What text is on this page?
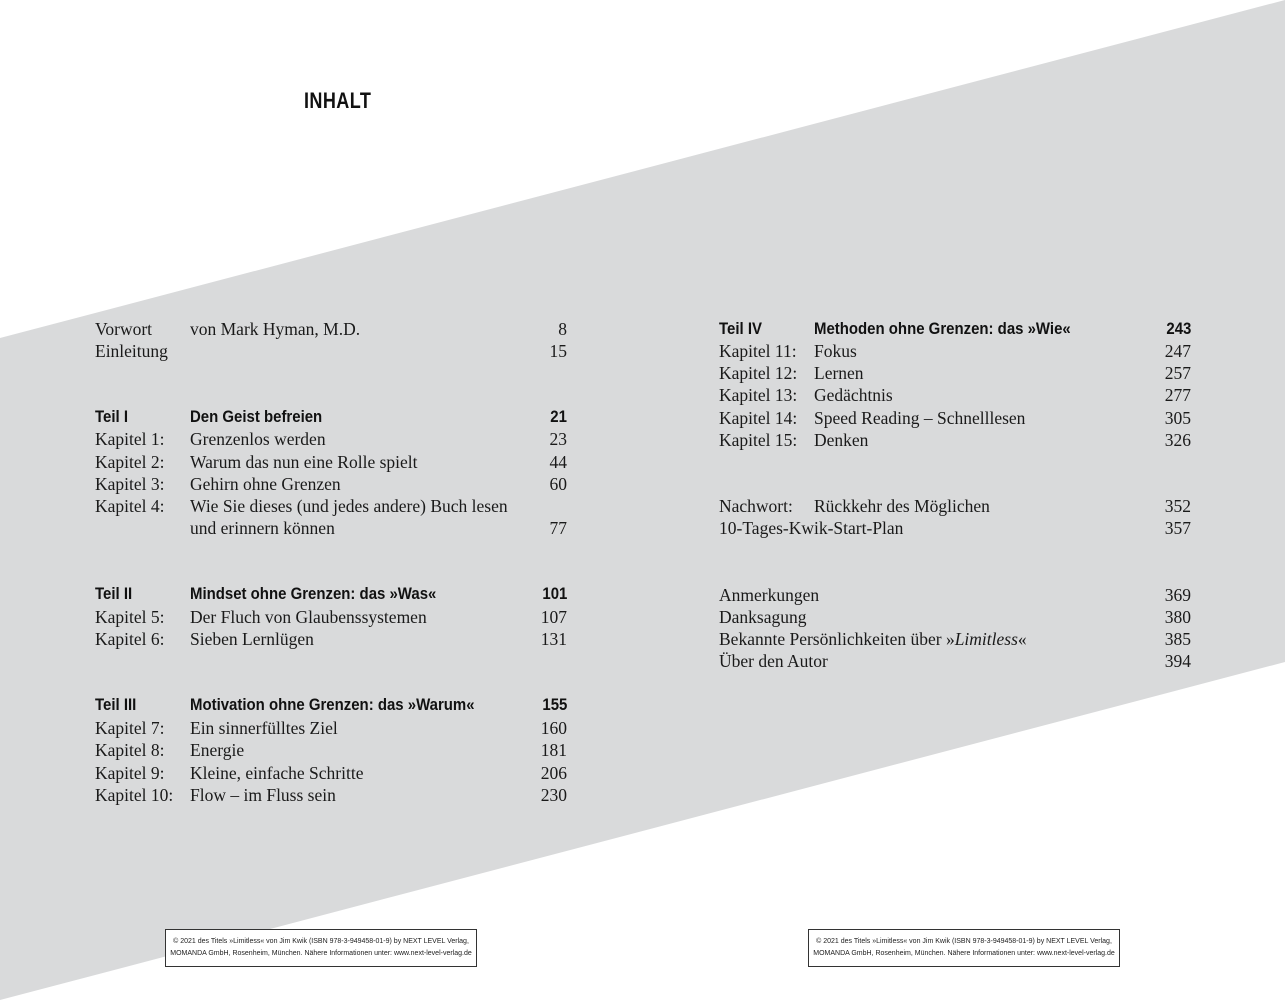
INHALT
Vorwort von Mark Hyman, M.D.	8
Einleitung	15
Teil I	Den Geist befreien	21
Kapitel 1: Grenzenlos werden	23
Kapitel 2: Warum das nun eine Rolle spielt	44
Kapitel 3: Gehirn ohne Grenzen	60
Kapitel 4: Wie Sie dieses (und jedes andere) Buch lesen
und erinnern können	77
Teil II	Mindset ohne Grenzen: das »Was«	101
Kapitel 5: Der Fluch von Glaubenssystemen	107
Kapitel 6: Sieben Lernlügen	131
Teil III	Motivation ohne Grenzen: das »Warum«	155
Kapitel 7: Ein sinnerfülltes Ziel	160
Kapitel 8: Energie	181
Kapitel 9: Kleine, einfache Schritte	206
Kapitel 10: Flow – im Fluss sein	230
Teil IV	Methoden ohne Grenzen: das »Wie«	243
Kapitel 11: Fokus	247
Kapitel 12: Lernen	257
Kapitel 13: Gedächtnis	277
Kapitel 14: Speed Reading – Schnelllesen	305
Kapitel 15: Denken	326
Nachwort: Rückkehr des Möglichen	352
10-Tages-Kwik-Start-Plan	357
Anmerkungen	369
Danksagung	380
Bekannte Persönlichkeiten über »Limitless«	385
Über den Autor	394
© 2021 des Titels »Limitless« von Jim Kwik (ISBN 978-3-949458-01-9) by NEXT LEVEL Verlag,
MOMANDA GmbH, Rosenheim, München. Nähere Informationen unter: www.next-level-verlag.de
© 2021 des Titels »Limitless« von Jim Kwik (ISBN 978-3-949458-01-9) by NEXT LEVEL Verlag,
MOMANDA GmbH, Rosenheim, München. Nähere Informationen unter: www.next-level-verlag.de
